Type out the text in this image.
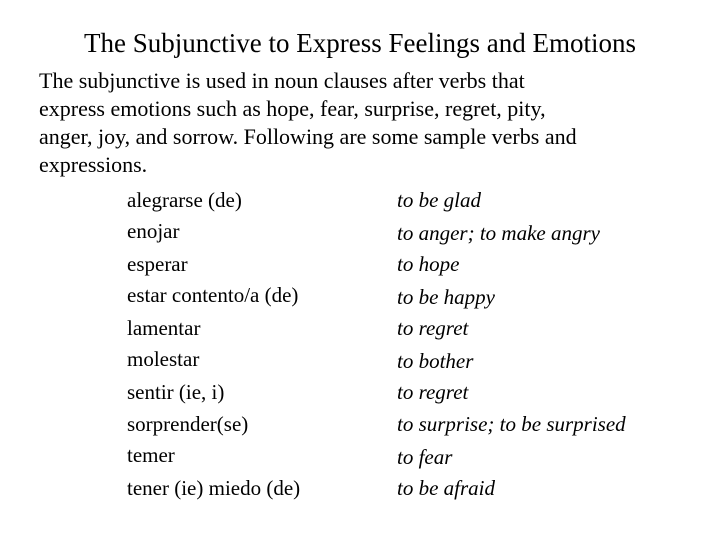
The Subjunctive to Express Feelings and Emotions
The subjunctive is used in noun clauses after verbs that
express emotions such as hope, fear, surprise, regret, pity,
anger, joy, and sorrow. Following are some sample verbs and
expressions.
alegrarse (de)	to be glad
enojar	to anger; to make angry
esperar	to hope
estar contento/a (de)	to be happy
lamentar	to regret
molestar	to bother
sentir (ie, i)	to regret
sorprender(se)	to surprise; to be surprised
temer	to fear
tener (ie) miedo (de)	to be afraid
